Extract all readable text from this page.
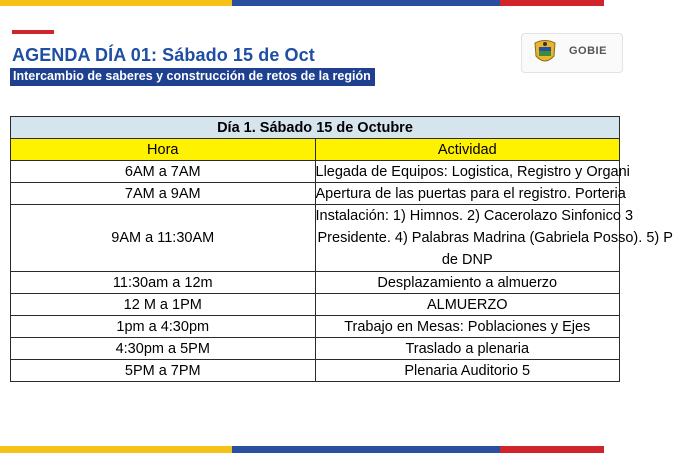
AGENDA DÍA 01: Sábado 15 de Oct
Intercambio de saberes y construcción de retos de la región
GOBIE
Día 1. Sábado 15 de Octubre	
Hora	Actividad
6AM a 7AM	Llegada de Equipos: Logistica, Registro y Organi
7AM a 9AM	Apertura de las puertas para el registro. Porteria
9AM a 11:30AM	Instalación: 1) Himnos. 2) Cacerolazo Sinfonico 3
Presidente. 4) Palabras Madrina (Gabriela Posso). 5) P
de DNP

11:30am a 12m	Desplazamiento a almuerzo
12 M a 1PM	ALMUERZO
1pm a 4:30pm	Trabajo en Mesas: Poblaciones y Ejes
4:30pm a 5PM	Traslado a plenaria
5PM a 7PM	Plenaria Auditorio 5
